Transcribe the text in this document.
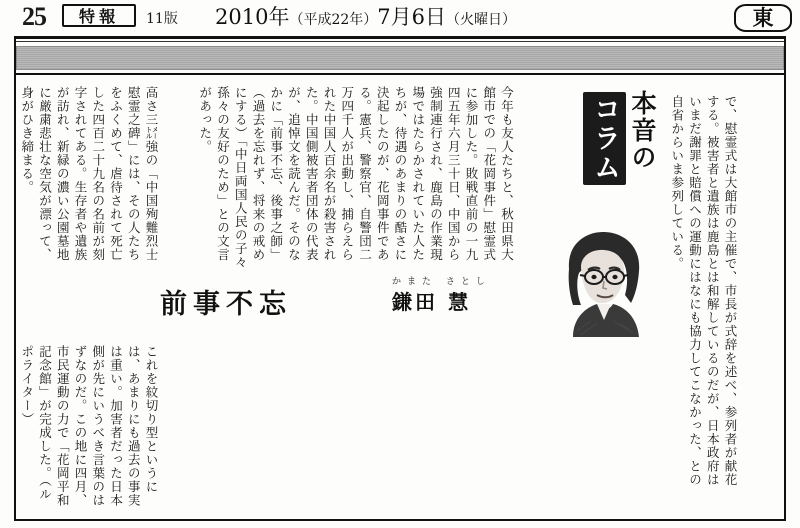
25	特報	11版 2010年（平成22年）7月6日（火曜日）	東
本音の
コラム
前事不忘
かまた さとし
鎌田 慧	で、慰霊式は大館市の主催で、市長が式辞を述べ、参列者が献花する。被害者と遺族は鹿島とは和解しているのだが、日本政府はいまだ謝罪と賠償への運動にはなにも協力してこなかった、との自省からいま参列している。
今年も友人たちと、秋田県大館市での「花岡事件」慰霊式に参加した。敗戦直前の一九四五年六月三十日、中国から強制連行され、鹿島の作業現場ではたらかされていた人たちが、待遇のあまりの酷さに決起したのが、花岡事件である。憲兵、警察官、自警団二万四千人が出動し、捕らえられた中国人百余名が殺害された。中国側被害者団体の代表が、追悼文を読んだ。そのなかに「前事不忘、後事之師」（過去を忘れず、将来の戒めにする）「中日両国人民の子々孫々の友好のため」との文言があった。
高さ三㍍強の「中国殉難烈士慰霊之碑」には、その人たちをふくめて、虐待されて死亡した四百二十九名の名前が刻字されてある。生存者や遺族が訪れ、新緑の濃い公園墓地に厳粛悲壮な空気が漂って、身がひき締まる。
これを紋切り型というには、あまりにも過去の事実は重い。加害者だった日本側が先にいうべき言葉のはずなのだ。この地に四月、市民運動の力で「花岡平和記念館」が完成した。（ルポライター）
